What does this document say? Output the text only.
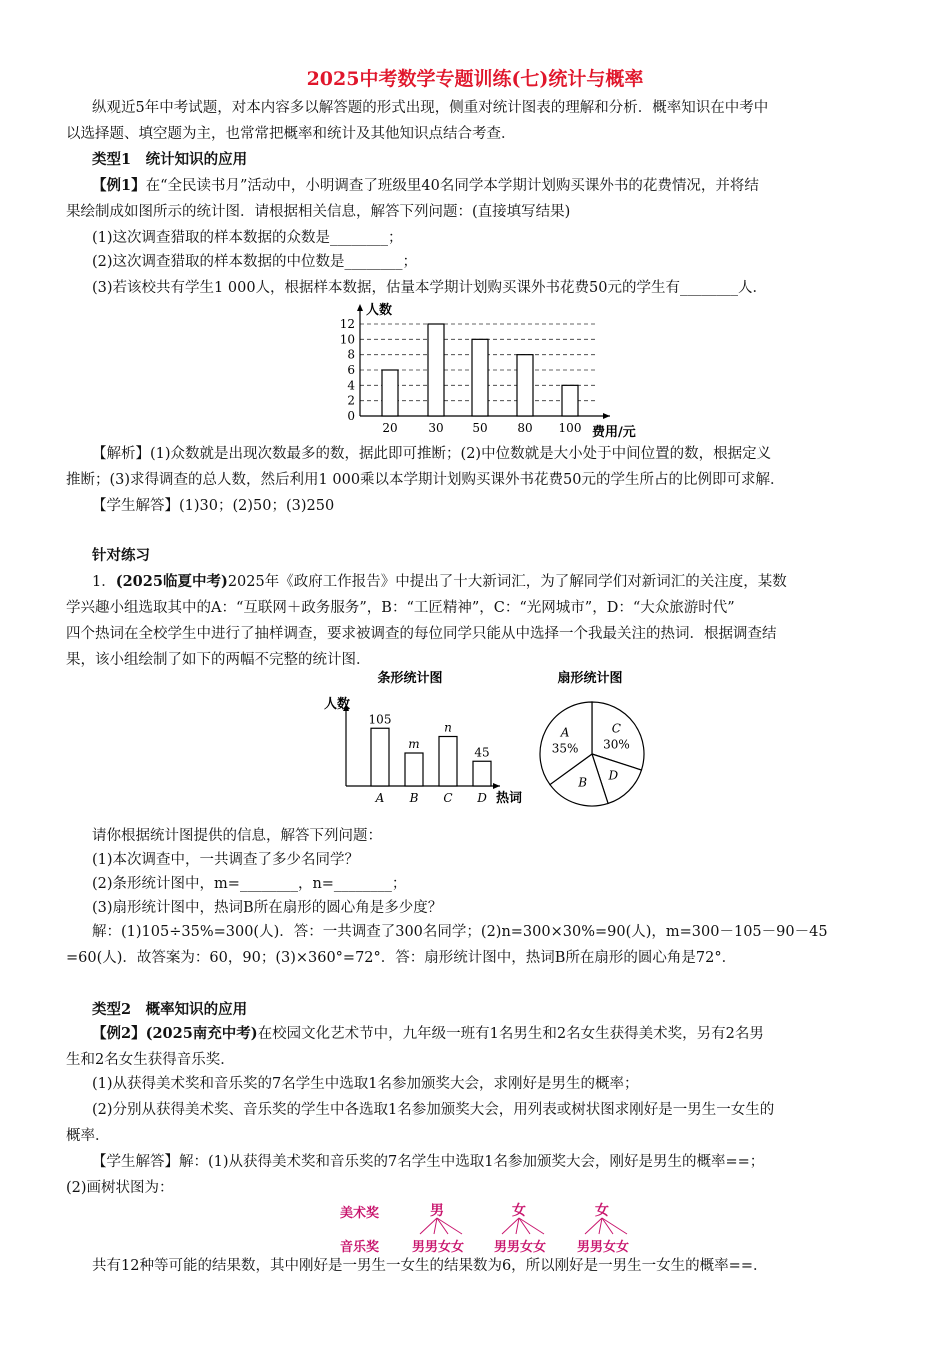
2025中考数学专题训练(七)统计与概率
纵观近5年中考试题，对本内容多以解答题的形式出现，侧重对统计图表的理解和分析．概率知识在中考中
以选择题、填空题为主，也常常把概率和统计及其他知识点结合考查．
类型1　统计知识的应用
【例1】在“全民读书月”活动中，小明调查了班级里40名同学本学期计划购买课外书的花费情况，并将结
果绘制成如图所示的统计图．请根据相关信息，解答下列问题：(直接填写结果)
(1)这次调查猎取的样本数据的众数是________；
(2)这次调查猎取的样本数据的中位数是________；
(3)若该校共有学生1 000人，根据样本数据，估量本学期计划购买课外书花费50元的学生有________人．
人数
费用/元
0
2
4
6
8
10
12
20	30 50 80 100
【解析】(1)众数就是出现次数最多的数，据此即可推断；(2)中位数就是大小处于中间位置的数，根据定义
推断；(3)求得调查的总人数，然后利用1 000乘以本学期计划购买课外书花费50元的学生所占的比例即可求解．
【学生解答】(1)30；(2)50；(3)250
针对练习
1．(2025临夏中考)2025年《政府工作报告》中提出了十大新词汇，为了解同学们对新词汇的关注度，某数
学兴趣小组选取其中的A：“互联网＋政务服务”，B：“工匠精神”，C：“光网城市”，D：“大众旅游时代”
四个热词在全校学生中进行了抽样调查，要求被调查的每位同学只能从中选择一个我最关注的热词．根据调查结
果，该小组绘制了如下的两幅不完整的统计图．
条形统计图
人数
热词
105
A
m
B
n
C
45
D
扇形统计图
C
30%
D
B
A
35%
请你根据统计图提供的信息，解答下列问题：
(1)本次调查中，一共调查了多少名同学？
(2)条形统计图中，m=________，n=________；
(3)扇形统计图中，热词B所在扇形的圆心角是多少度？
解：(1)105÷35%=300(人)．答：一共调查了300名同学；(2)n=300×30%=90(人)，m=300－105－90－45
=60(人)．故答案为：60，90；(3)×360°=72°．答：扇形统计图中，热词B所在扇形的圆心角是72°．
类型2　概率知识的应用
【例2】(2025南充中考)在校园文化艺术节中，九年级一班有1名男生和2名女生获得美术奖，另有2名男
生和2名女生获得音乐奖．
(1)从获得美术奖和音乐奖的7名学生中选取1名参加颁奖大会，求刚好是男生的概率；
(2)分别从获得美术奖、音乐奖的学生中各选取1名参加颁奖大会，用列表或树状图求刚好是一男生一女生的
概率．
【学生解答】解：(1)从获得美术奖和音乐奖的7名学生中选取1名参加颁奖大会，刚好是男生的概率==；
(2)画树状图为：
美术奖
音乐奖
男	女	女
男男女女 男男女女 男男女女
共有12种等可能的结果数，其中刚好是一男生一女生的结果数为6，所以刚好是一男生一女生的概率==．
